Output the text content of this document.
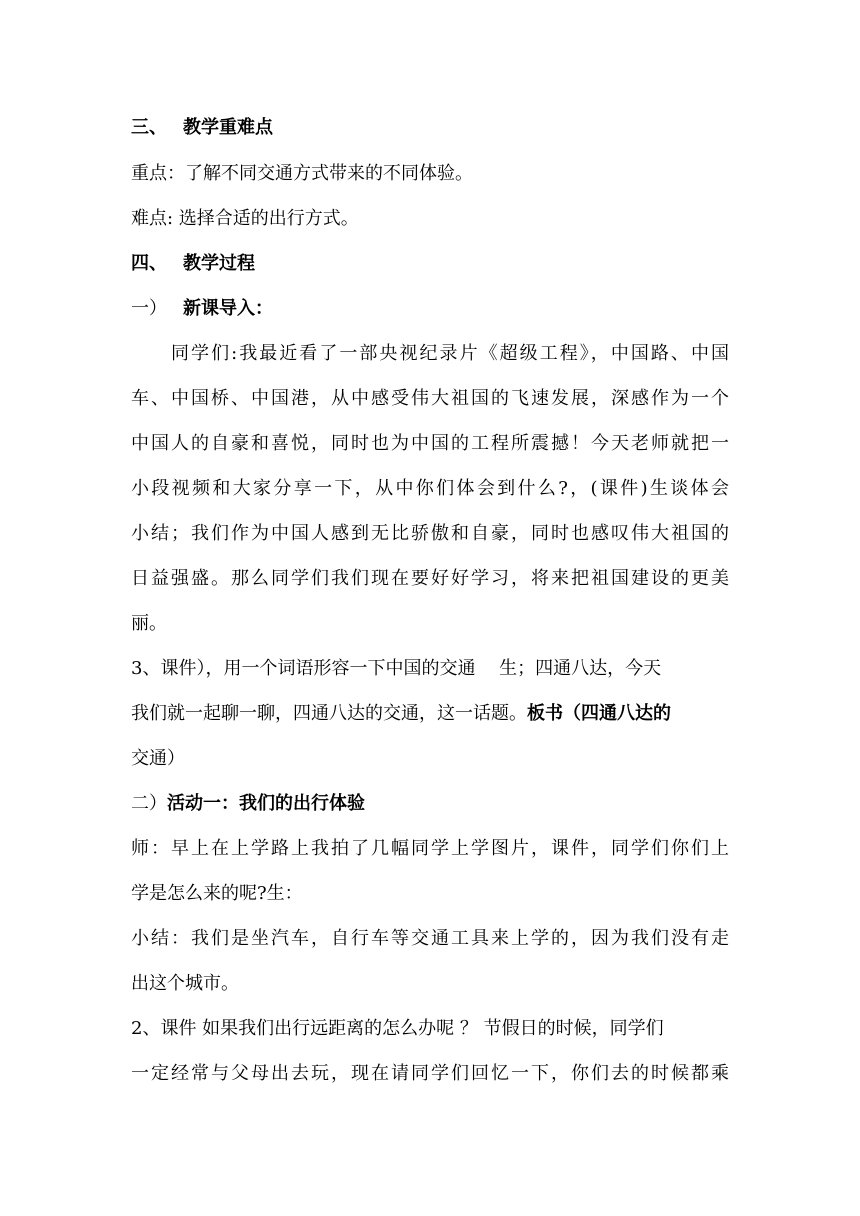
三、 教学重难点
重点：了解不同交通方式带来的不同体验。
难点: 选择合适的出行方式。
四、 教学过程
一） 新课导入：
同学们:我最近看了一部央视纪录片《超级工程》，中国路、中国
车、中国桥、中国港，从中感受伟大祖国的飞速发展，深感作为一个
中国人的自豪和喜悦，同时也为中国的工程所震撼！今天老师就把一
小段视频和大家分享一下，从中你们体会到什么?，(课件)生谈体会
小结；我们作为中国人感到无比骄傲和自豪，同时也感叹伟大祖国的
日益强盛。那么同学们我们现在要好好学习，将来把祖国建设的更美
丽。
3、课件），用一个词语形容一下中国的交通　 生；四通八达，今天
我们就一起聊一聊，四通八达的交通，这一话题。板书（四通八达的
交通）
二）活动一：我们的出行体验
师：早上在上学路上我拍了几幅同学上学图片，课件，同学们你们上
学是怎么来的呢?生：
小结：我们是坐汽车，自行车等交通工具来上学的，因为我们没有走
出这个城市。
2、课件 如果我们出行远距离的怎么办呢 ？ 节假日的时候，同学们
一定经常与父母出去玩，现在请同学们回忆一下，你们去的时候都乘
